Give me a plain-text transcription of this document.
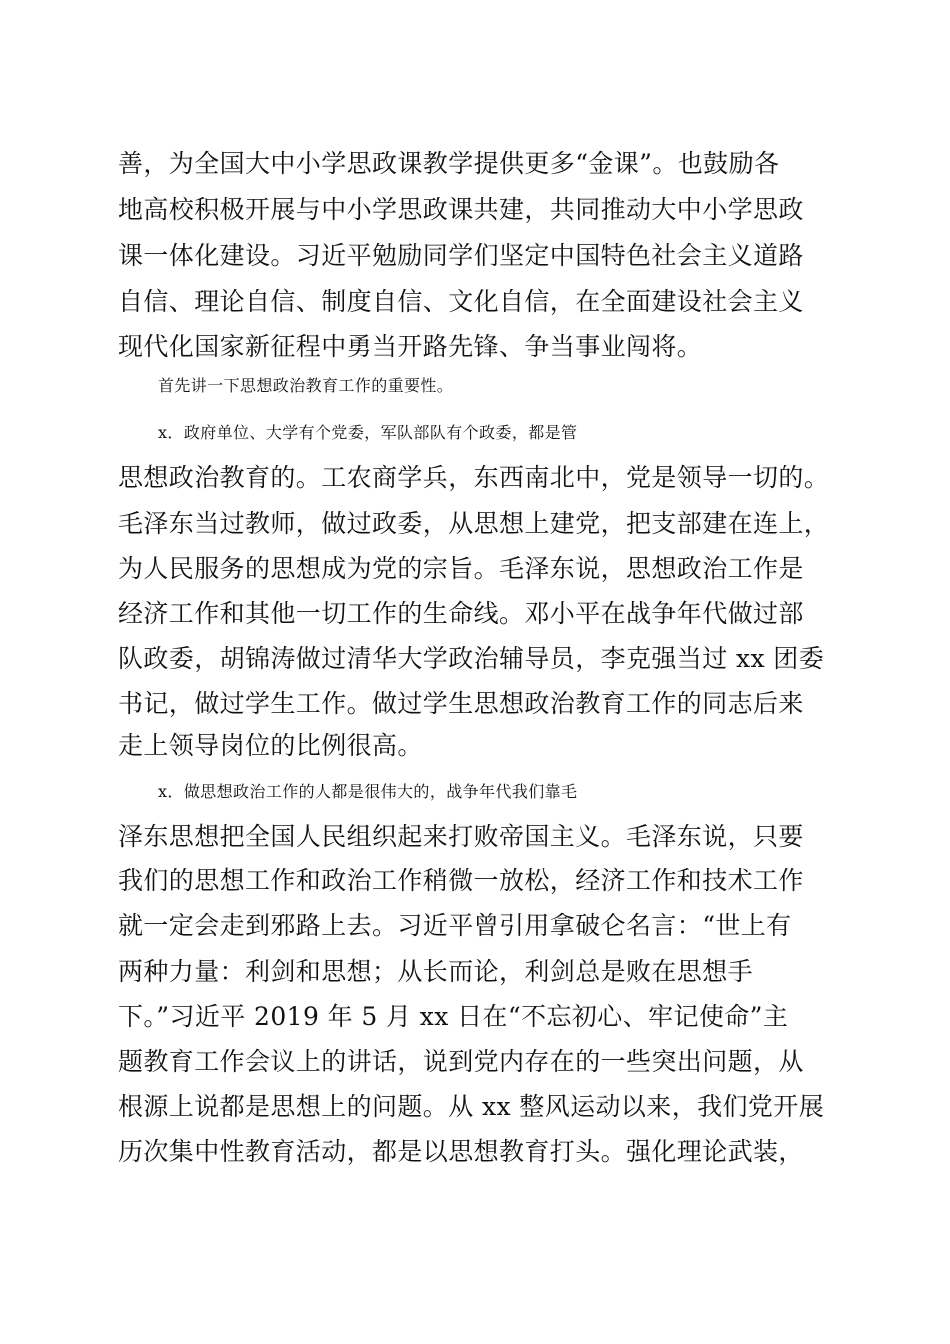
善，为全国大中小学思政课教学提供更多“金课”。也鼓励各
地高校积极开展与中小学思政课共建，共同推动大中小学思政
课一体化建设。习近平勉励同学们坚定中国特色社会主义道路
自信、理论自信、制度自信、文化自信，在全面建设社会主义
现代化国家新征程中勇当开路先锋、争当事业闯将。
首先讲一下思想政治教育工作的重要性。
x．政府单位、大学有个党委，军队部队有个政委，都是管
思想政治教育的。工农商学兵，东西南北中，党是领导一切的。
毛泽东当过教师，做过政委，从思想上建党，把支部建在连上，
为人民服务的思想成为党的宗旨。毛泽东说，思想政治工作是
经济工作和其他一切工作的生命线。邓小平在战争年代做过部
队政委，胡锦涛做过清华大学政治辅导员，李克强当过 xx 团委
书记，做过学生工作。做过学生思想政治教育工作的同志后来
走上领导岗位的比例很高。
x．做思想政治工作的人都是很伟大的，战争年代我们靠毛
泽东思想把全国人民组织起来打败帝国主义。毛泽东说，只要
我们的思想工作和政治工作稍微一放松，经济工作和技术工作
就一定会走到邪路上去。习近平曾引用拿破仑名言：“世上有
两种力量：利剑和思想；从长而论，利剑总是败在思想手
下。”习近平 2019 年 5 月 xx 日在“不忘初心、牢记使命”主
题教育工作会议上的讲话，说到党内存在的一些突出问题，从
根源上说都是思想上的问题。从 xx 整风运动以来，我们党开展
历次集中性教育活动，都是以思想教育打头。强化理论武装，
